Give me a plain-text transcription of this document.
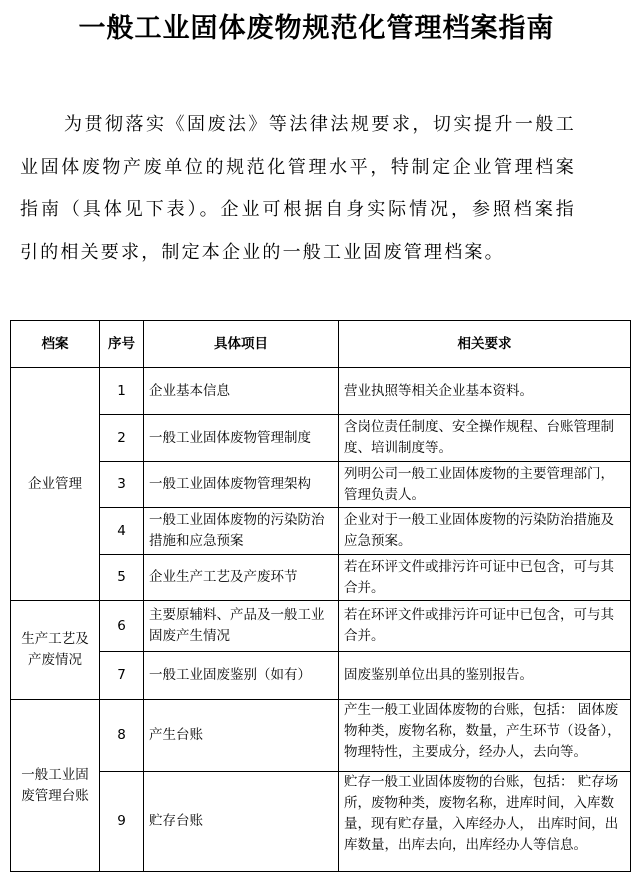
一般工业固体废物规范化管理档案指南

为贯彻落实《固废法》等法律法规要求，切实提升一般工业固体废物产废单位的规范化管理水平，特制定企业管理档案指南（具体见下表）。企业可根据自身实际情况，参照档案指引的相关要求，制定本企业的一般工业固废管理档案。

档案	序号	具体项目	相关要求
企业管理	1	企业基本信息	营业执照等相关企业基本资料。
	2	一般工业固体废物管理制度	含岗位责任制度、安全操作规程、台账管理制度、培训制度等。
	3	一般工业固体废物管理架构	列明公司一般工业固体废物的主要管理部门，管理负责人。
	4	一般工业固体废物的污染防治措施和应急预案	企业对于一般工业固体废物的污染防治措施及应急预案。
	5	企业生产工艺及产废环节	若在环评文件或排污许可证中已包含，可与其合并。
生产工艺及产废情况	6	主要原辅料、产品及一般工业固废产生情况	若在环评文件或排污许可证中已包含，可与其合并。
	7	一般工业固废鉴别（如有）	固废鉴别单位出具的鉴别报告。
一般工业固废管理台账	8	产生台账	产生一般工业固体废物的台账，包括： 固体废物种类，废物名称，数量，产生环节（设备），物理特性，主要成分，经办人，去向等。
	9	贮存台账	贮存一般工业固体废物的台账，包括： 贮存场所，废物种类，废物名称，进库时间，入库数量，现有贮存量，入库经办人， 出库时间，出库数量，出库去向，出库经办人等信息。
